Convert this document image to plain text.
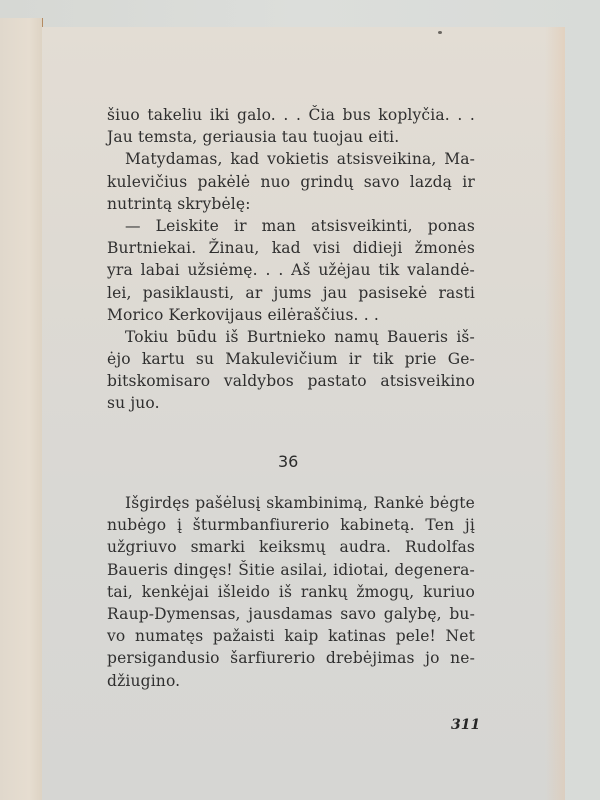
šiuo takeliu iki galo. . . Čia bus koplyčia. . .
Jau temsta, geriausia tau tuojau eiti.
Matydamas, kad vokietis atsisveikina, Ma-
kulevičius pakėlė nuo grindų savo lazdą ir
nutrintą skrybėlę:
— Leiskite ir man atsisveikinti, ponas
Burtniekai. Žinau, kad visi didieji žmonės
yra labai užsiėmę. . . Aš užėjau tik valandė-
lei, pasiklausti, ar jums jau pasisekė rasti
Morico Kerkovijaus eilėraščius. . .
Tokiu būdu iš Burtnieko namų Baueris iš-
ėjo kartu su Makulevičium ir tik prie Ge-
bitskomisaro valdybos pastato atsisveikino
su juo.
36
Išgirdęs pašėlusį skambinimą, Rankė bėgte
nubėgo į šturmbanfiurerio kabinetą. Ten jį
užgriuvo smarki keiksmų audra. Rudolfas
Baueris dingęs! Šitie asilai, idiotai, degenera-
tai, kenkėjai išleido iš rankų žmogų, kuriuo
Raup-Dymensas, jausdamas savo galybę, bu-
vo numatęs pažaisti kaip katinas pele! Net
persigandusio šarfiurerio drebėjimas jo ne-
džiugino.
311
